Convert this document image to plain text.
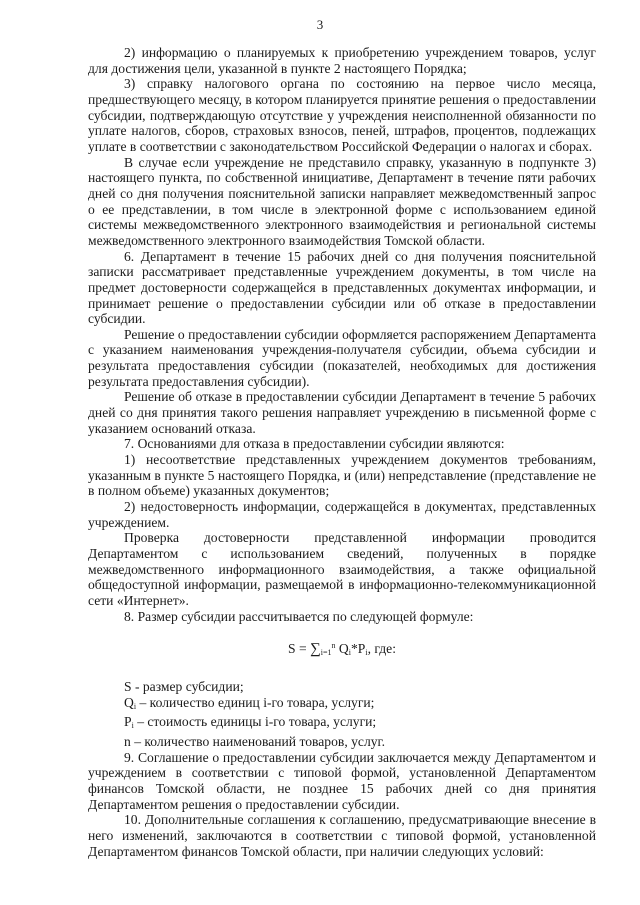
3

2) информацию о планируемых к приобретению учреждением товаров, услуг для достижения цели, указанной в пункте 2 настоящего Порядка;

3) справку налогового органа по состоянию на первое число месяца, предшествующего месяцу, в котором планируется принятие решения о предоставлении субсидии, подтверждающую отсутствие у учреждения неисполненной обязанности по уплате налогов, сборов, страховых взносов, пеней, штрафов, процентов, подлежащих уплате в соответствии с законодательством Российской Федерации о налогах и сборах.

В случае если учреждение не представило справку, указанную в подпункте 3) настоящего пункта, по собственной инициативе, Департамент в течение пяти рабочих дней со дня получения пояснительной записки направляет межведомственный запрос о ее представлении, в том числе в электронной форме с использованием единой системы межведомственного электронного взаимодействия и региональной системы межведомственного электронного взаимодействия Томской области.

6. Департамент в течение 15 рабочих дней со дня получения пояснительной записки рассматривает представленные учреждением документы, в том числе на предмет достоверности содержащейся в представленных документах информации, и принимает решение о предоставлении субсидии или об отказе в предоставлении субсидии.

Решение о предоставлении субсидии оформляется распоряжением Департамента с указанием наименования учреждения-получателя субсидии, объема субсидии и результата предоставления субсидии (показателей, необходимых для достижения результата предоставления субсидии).

Решение об отказе в предоставлении субсидии Департамент в течение 5 рабочих дней со дня принятия такого решения направляет учреждению в письменной форме с указанием оснований отказа.

7. Основаниями для отказа в предоставлении субсидии являются:

1) несоответствие представленных учреждением документов требованиям, указанным в пункте 5 настоящего Порядка, и (или) непредставление (представление не в полном объеме) указанных документов;

2) недостоверность информации, содержащейся в документах, представленных учреждением.

Проверка достоверности представленной информации проводится Департаментом с использованием сведений, полученных в порядке межведомственного информационного взаимодействия, а также официальной общедоступной информации, размещаемой в информационно-телекоммуникационной сети «Интернет».

8. Размер субсидии рассчитывается по следующей формуле:

$S = \sum_{i=1}^n$ $Q_i*P_i$, где:

S - размер субсидии;

$Q_i$ – количество единиц i-го товара, услуги;

$P_i$ – стоимость единицы i-го товара, услуги;

n – количество наименований товаров, услуг.

9. Соглашение о предоставлении субсидии заключается между Департаментом и учреждением в соответствии с типовой формой, установленной Департаментом финансов Томской области, не позднее 15 рабочих дней со дня принятия Департаментом решения о предоставлении субсидии.

10. Дополнительные соглашения к соглашению, предусматривающие внесение в него изменений, заключаются в соответствии с типовой формой, установленной Департаментом финансов Томской области, при наличии следующих условий:
